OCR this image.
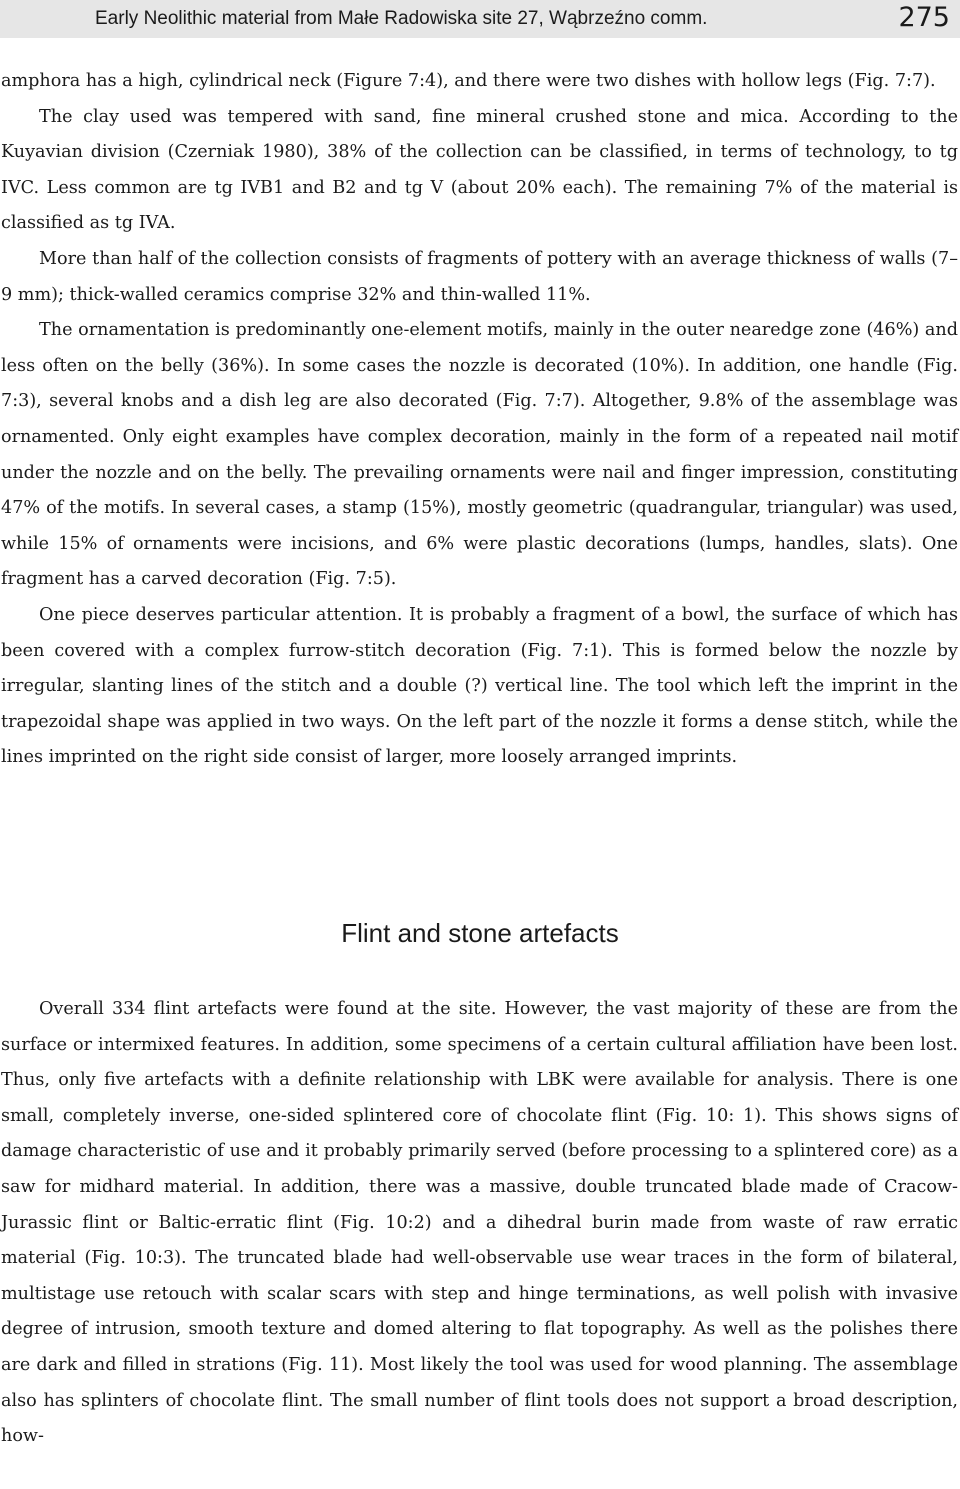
Early Neolithic material from Małe Radowiska site 27, Wąbrzeźno comm.	275

amphora has a high, cylindrical neck (Figure 7:4), and there were two dishes with hollow legs (Fig. 7:7).

The clay used was tempered with sand, fine mineral crushed stone and mica. According to the Kuyavian division (Czerniak 1980), 38% of the collection can be classified, in terms of technology, to tg IVC. Less common are tg IVB1 and B2 and tg V (about 20% each). The remaining 7% of the material is classified as tg IVA.

More than half of the collection consists of fragments of pottery with an average thickness of walls (7–9 mm); thick-walled ceramics comprise 32% and thin-walled 11%.

The ornamentation is predominantly one-element motifs, mainly in the outer nearedge zone (46%) and less often on the belly (36%). In some cases the nozzle is decorated (10%). In addition, one handle (Fig. 7:3), several knobs and a dish leg are also decorated (Fig. 7:7). Altogether, 9.8% of the assemblage was ornamented. Only eight examples have complex decoration, mainly in the form of a repeated nail motif under the nozzle and on the belly. The prevailing ornaments were nail and finger impression, constituting 47% of the motifs. In several cases, a stamp (15%), mostly geometric (quadrangular, triangular) was used, while 15% of ornaments were incisions, and 6% were plastic decorations (lumps, handles, slats). One fragment has a carved decoration (Fig. 7:5).

One piece deserves particular attention. It is probably a fragment of a bowl, the surface of which has been covered with a complex furrow-stitch decoration (Fig. 7:1). This is formed below the nozzle by irregular, slanting lines of the stitch and a double (?) vertical line. The tool which left the imprint in the trapezoidal shape was applied in two ways. On the left part of the nozzle it forms a dense stitch, while the lines imprinted on the right side consist of larger, more loosely arranged imprints.

Flint and stone artefacts

Overall 334 flint artefacts were found at the site. However, the vast majority of these are from the surface or intermixed features. In addition, some specimens of a certain cultural affiliation have been lost. Thus, only five artefacts with a definite relationship with LBK were available for analysis. There is one small, completely inverse, one-sided splintered core of chocolate flint (Fig. 10: 1). This shows signs of damage characteristic of use and it probably primarily served (before processing to a splintered core) as a saw for midhard material. In addition, there was a massive, double truncated blade made of Cracow-Jurassic flint or Baltic-erratic flint (Fig. 10:2) and a dihedral burin made from waste of raw erratic material (Fig. 10:3). The truncated blade had well-observable use wear traces in the form of bilateral, multistage use retouch with scalar scars with step and hinge terminations, as well polish with invasive degree of intrusion, smooth texture and domed altering to flat topography. As well as the polishes there are dark and filled in strations (Fig. 11). Most likely the tool was used for wood planning. The assemblage also has splinters of chocolate flint. The small number of flint tools does not support a broad description, how-
